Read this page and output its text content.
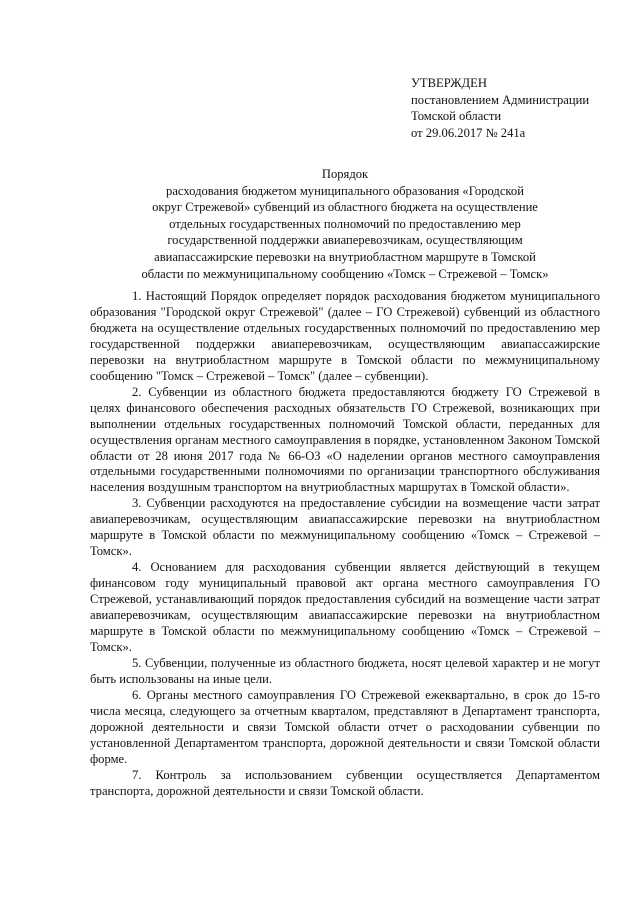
УТВЕРЖДЕН
постановлением Администрации
Томской области
от 29.06.2017 № 241а
Порядок
расходования бюджетом муниципального образования «Городской
округ Стрежевой» субвенций из областного бюджета на осуществление
отдельных государственных полномочий по предоставлению мер
государственной поддержки авиаперевозчикам, осуществляющим
авиапассажирские перевозки на внутриобластном маршруте в Томской
области по межмуниципальному сообщению «Томск – Стрежевой – Томск»

1. Настоящий Порядок определяет порядок расходования бюджетом муниципального образования "Городской округ Стрежевой" (далее – ГО Стрежевой) субвенций из областного бюджета на осуществление отдельных государственных полномочий по предоставлению мер государственной поддержки авиаперевозчикам, осуществляющим авиапассажирские перевозки на внутриобластном маршруте в Томской области по межмуниципальному сообщению "Томск – Стрежевой – Томск" (далее – субвенции).

2. Субвенции из областного бюджета предоставляются бюджету ГО Стрежевой в целях финансового обеспечения расходных обязательств ГО Стрежевой, возникающих при выполнении отдельных государственных полномочий Томской области, переданных для осуществления органам местного самоуправления в порядке, установленном Законом Томской области от 28 июня 2017 года № 66-ОЗ «О наделении органов местного самоуправления отдельными государственными полномочиями по организации транспортного обслуживания населения воздушным транспортом на внутриобластных маршрутах в Томской области».

3. Субвенции расходуются на предоставление субсидии на возмещение части затрат авиаперевозчикам, осуществляющим авиапассажирские перевозки на внутриобластном маршруте в Томской области по межмуниципальному сообщению «Томск – Стрежевой – Томск».

4. Основанием для расходования субвенции является действующий в текущем финансовом году муниципальный правовой акт органа местного самоуправления ГО Стрежевой, устанавливающий порядок предоставления субсидий на возмещение части затрат авиаперевозчикам, осуществляющим авиапассажирские перевозки на внутриобластном маршруте в Томской области по межмуниципальному сообщению «Томск – Стрежевой – Томск».

5. Субвенции, полученные из областного бюджета, носят целевой характер и не могут быть использованы на иные цели.

6. Органы местного самоуправления ГО Стрежевой ежеквартально, в срок до 15-го числа месяца, следующего за отчетным кварталом, представляют в Департамент транспорта, дорожной деятельности и связи Томской области отчет о расходовании субвенции по установленной Департаментом транспорта, дорожной деятельности и связи Томской области форме.

7. Контроль за использованием субвенции осуществляется Департаментом транспорта, дорожной деятельности и связи Томской области.
